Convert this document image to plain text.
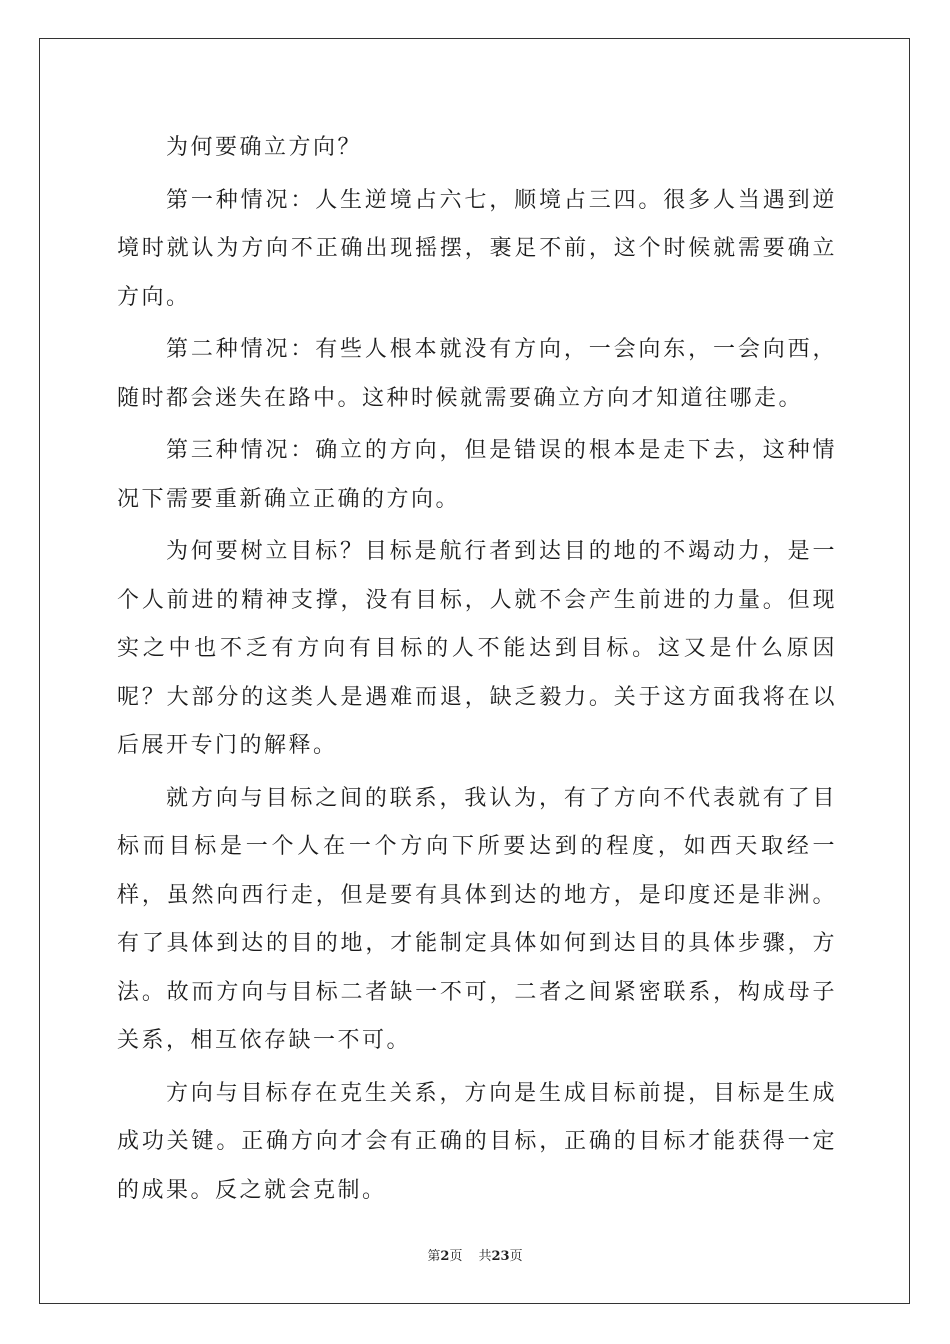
为何要确立方向？

第一种情况：人生逆境占六七，顺境占三四。很多人当遇到逆境时就认为方向不正确出现摇摆，裹足不前，这个时候就需要确立方向。

第二种情况：有些人根本就没有方向，一会向东，一会向西，随时都会迷失在路中。这种时候就需要确立方向才知道往哪走。

第三种情况：确立的方向，但是错误的根本是走下去，这种情况下需要重新确立正确的方向。

为何要树立目标？目标是航行者到达目的地的不竭动力，是一个人前进的精神支撑，没有目标，人就不会产生前进的力量。但现实之中也不乏有方向有目标的人不能达到目标。这又是什么原因呢？大部分的这类人是遇难而退，缺乏毅力。关于这方面我将在以后展开专门的解释。

就方向与目标之间的联系，我认为，有了方向不代表就有了目标而目标是一个人在一个方向下所要达到的程度，如西天取经一样，虽然向西行走，但是要有具体到达的地方，是印度还是非洲。有了具体到达的目的地，才能制定具体如何到达目的具体步骤，方法。故而方向与目标二者缺一不可，二者之间紧密联系，构成母子关系，相互依存缺一不可。

方向与目标存在克生关系，方向是生成目标前提，目标是生成成功关键。正确方向才会有正确的目标，正确的目标才能获得一定的成果。反之就会克制。

第2页 共23页
